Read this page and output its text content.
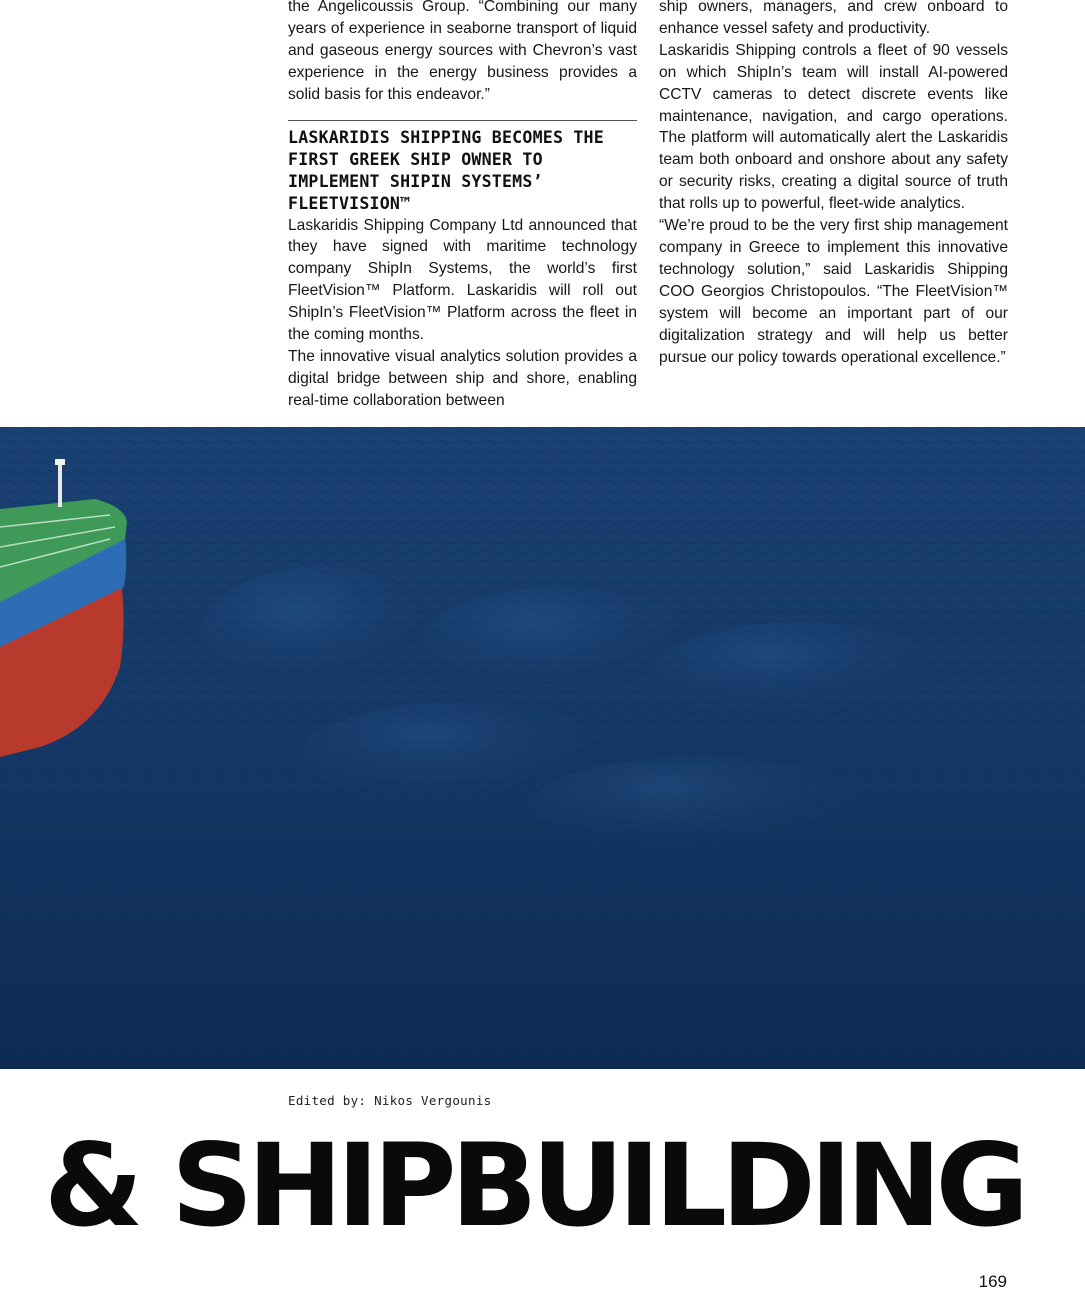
the Angelicoussis Group. “Combining our many years of experience in seaborne transport of liquid and gaseous energy sources with Chevron’s vast experience in the energy business provides a solid basis for this endeavor.”

LASKARIDIS SHIPPING BECOMES THE FIRST GREEK SHIP OWNER TO IMPLEMENT SHIPIN SYSTEMS’ FLEETVISION™

Laskaridis Shipping Company Ltd announced that they have signed with maritime technology company ShipIn Systems, the world’s first FleetVision™ Platform. Laskaridis will roll out ShipIn’s FleetVision™ Platform across the fleet in the coming months.

The innovative visual analytics solution provides a digital bridge between ship and shore, enabling real-time collaboration between

ship owners, managers, and crew onboard to enhance vessel safety and productivity.

Laskaridis Shipping controls a fleet of 90 vessels on which ShipIn’s team will install AI-powered CCTV cameras to detect discrete events like maintenance, navigation, and cargo operations. The platform will automatically alert the Laskaridis team both onboard and onshore about any safety or security risks, creating a digital source of truth that rolls up to powerful, fleet-wide analytics.

“We’re proud to be the very first ship management company in Greece to implement this innovative technology solution,” said Laskaridis Shipping COO Georgios Christopoulos. “The FleetVision™ system will become an important part of our digitalization strategy and will help us better pursue our policy towards operational excellence.”

Edited by: Nikos Vergounis
& SHIPBUILDING
169
